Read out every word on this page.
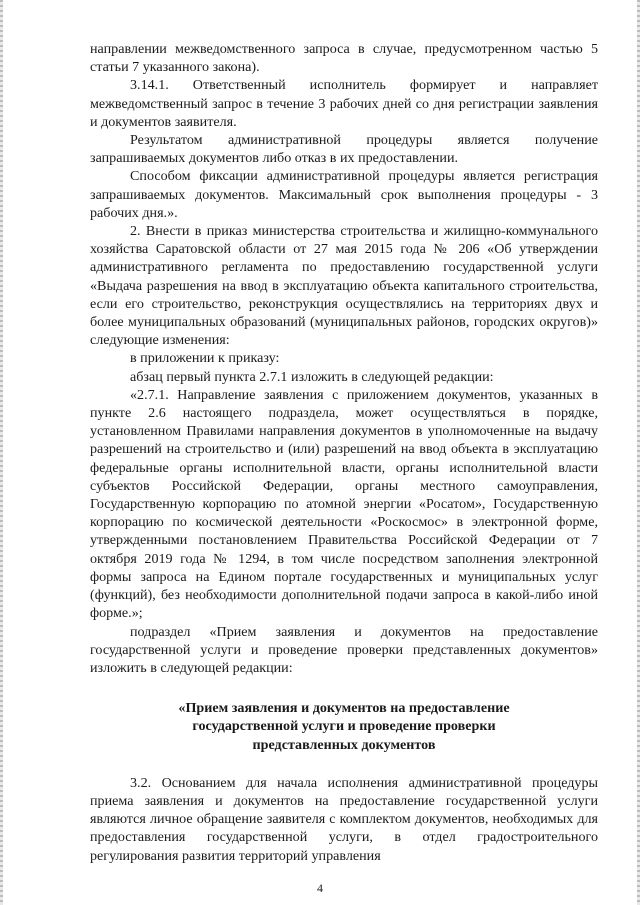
направлении межведомственного запроса в случае, предусмотренном частью 5 статьи 7 указанного закона).

3.14.1. Ответственный исполнитель формирует и направляет межведомственный запрос в течение 3 рабочих дней со дня регистрации заявления и документов заявителя.

Результатом административной процедуры является получение запрашиваемых документов либо отказ в их предоставлении.

Способом фиксации административной процедуры является регистрация запрашиваемых документов. Максимальный срок выполнения процедуры - 3 рабочих дня.».

2. Внести в приказ министерства строительства и жилищно-коммунального хозяйства Саратовской области от 27 мая 2015 года № 206 «Об утверждении административного регламента по предоставлению государственной услуги «Выдача разрешения на ввод в эксплуатацию объекта капитального строительства, если его строительство, реконструкция осуществлялись на территориях двух и более муниципальных образований (муниципальных районов, городских округов)» следующие изменения:

в приложении к приказу:

абзац первый пункта 2.7.1 изложить в следующей редакции:

«2.7.1. Направление заявления с приложением документов, указанных в пункте 2.6 настоящего подраздела, может осуществляться в порядке, установленном Правилами направления документов в уполномоченные на выдачу разрешений на строительство и (или) разрешений на ввод объекта в эксплуатацию федеральные органы исполнительной власти, органы исполнительной власти субъектов Российской Федерации, органы местного самоуправления, Государственную корпорацию по атомной энергии «Росатом», Государственную корпорацию по космической деятельности «Роскосмос» в электронной форме, утвержденными постановлением Правительства Российской Федерации от 7 октября 2019 года № 1294, в том числе посредством заполнения электронной формы запроса на Едином портале государственных и муниципальных услуг (функций), без необходимости дополнительной подачи запроса в какой-либо иной форме.»;

подраздел «Прием заявления и документов на предоставление государственной услуги и проведение проверки представленных документов» изложить в следующей редакции:

«Прием заявления и документов на предоставление
государственной услуги и проведение проверки
представленных документов

3.2. Основанием для начала исполнения административной процедуры приема заявления и документов на предоставление государственной услуги являются личное обращение заявителя с комплектом документов, необходимых для предоставления государственной услуги, в отдел градостроительного регулирования развития территорий управления

4
